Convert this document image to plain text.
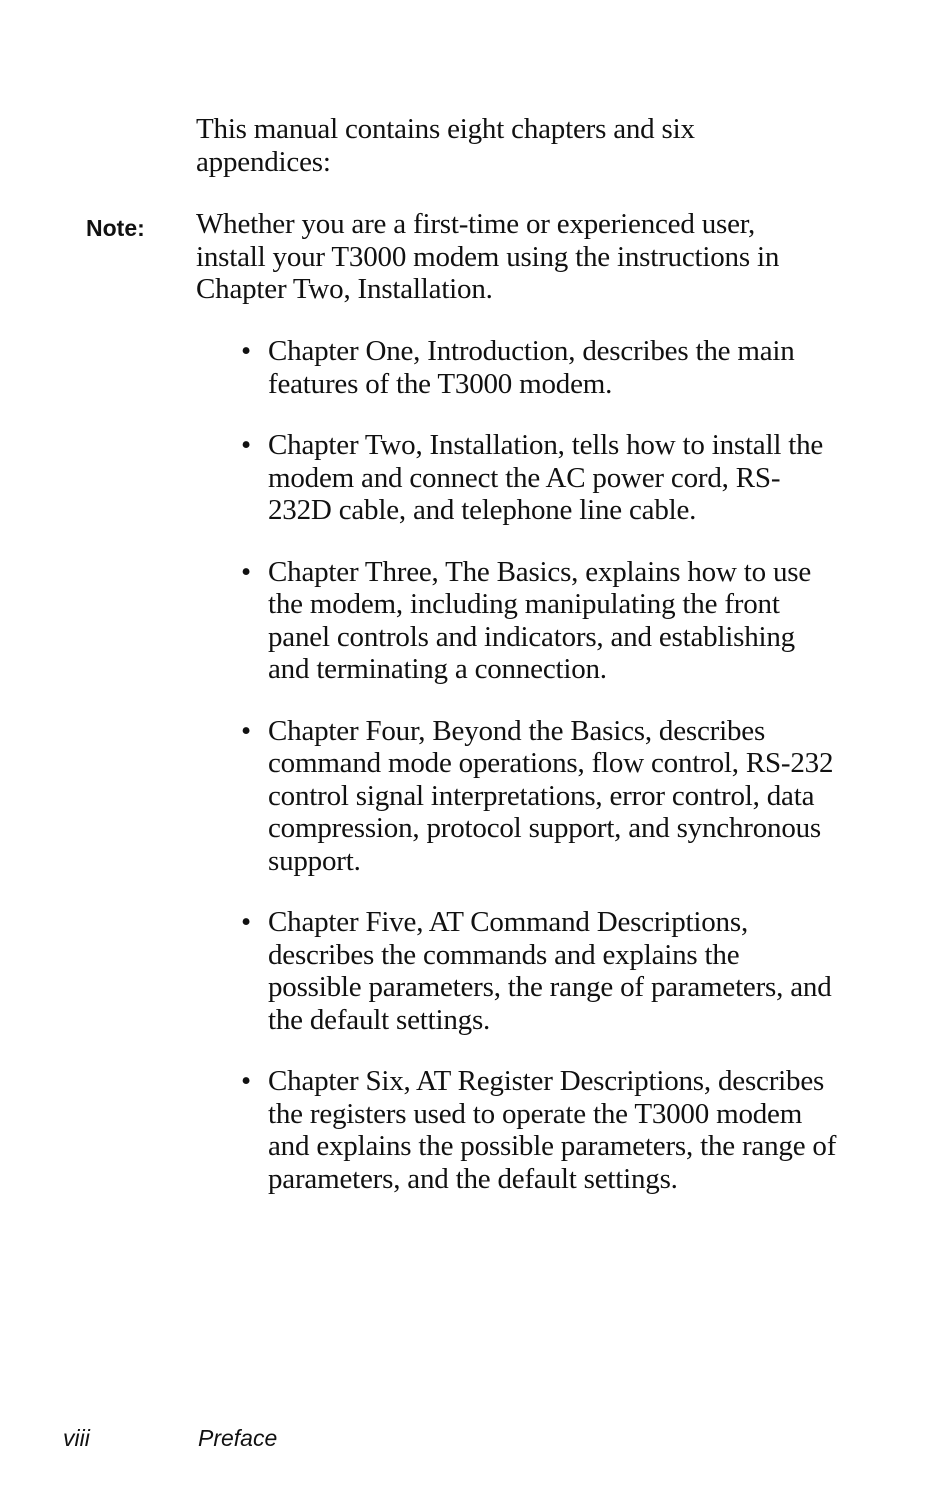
This manual contains eight chapters and six appendices:

Note: Whether you are a first-time or experienced user, install your T3000 modem using the instructions in Chapter Two, Installation.

• Chapter One, Introduction, describes the main features of the T3000 modem.
• Chapter Two, Installation, tells how to install the modem and connect the AC power cord, RS-232D cable, and telephone line cable.
• Chapter Three, The Basics, explains how to use the modem, including manipulating the front panel controls and indicators, and establishing and terminating a connection.
• Chapter Four, Beyond the Basics, describes command mode operations, flow control, RS-232 control signal interpretations, error control, data compression, protocol support, and synchronous support.
• Chapter Five, AT Command Descriptions, describes the commands and explains the possible parameters, the range of parameters, and the default settings.
• Chapter Six, AT Register Descriptions, describes the registers used to operate the T3000 modem and explains the possible parameters, the range of parameters, and the default settings.

viii	Preface
